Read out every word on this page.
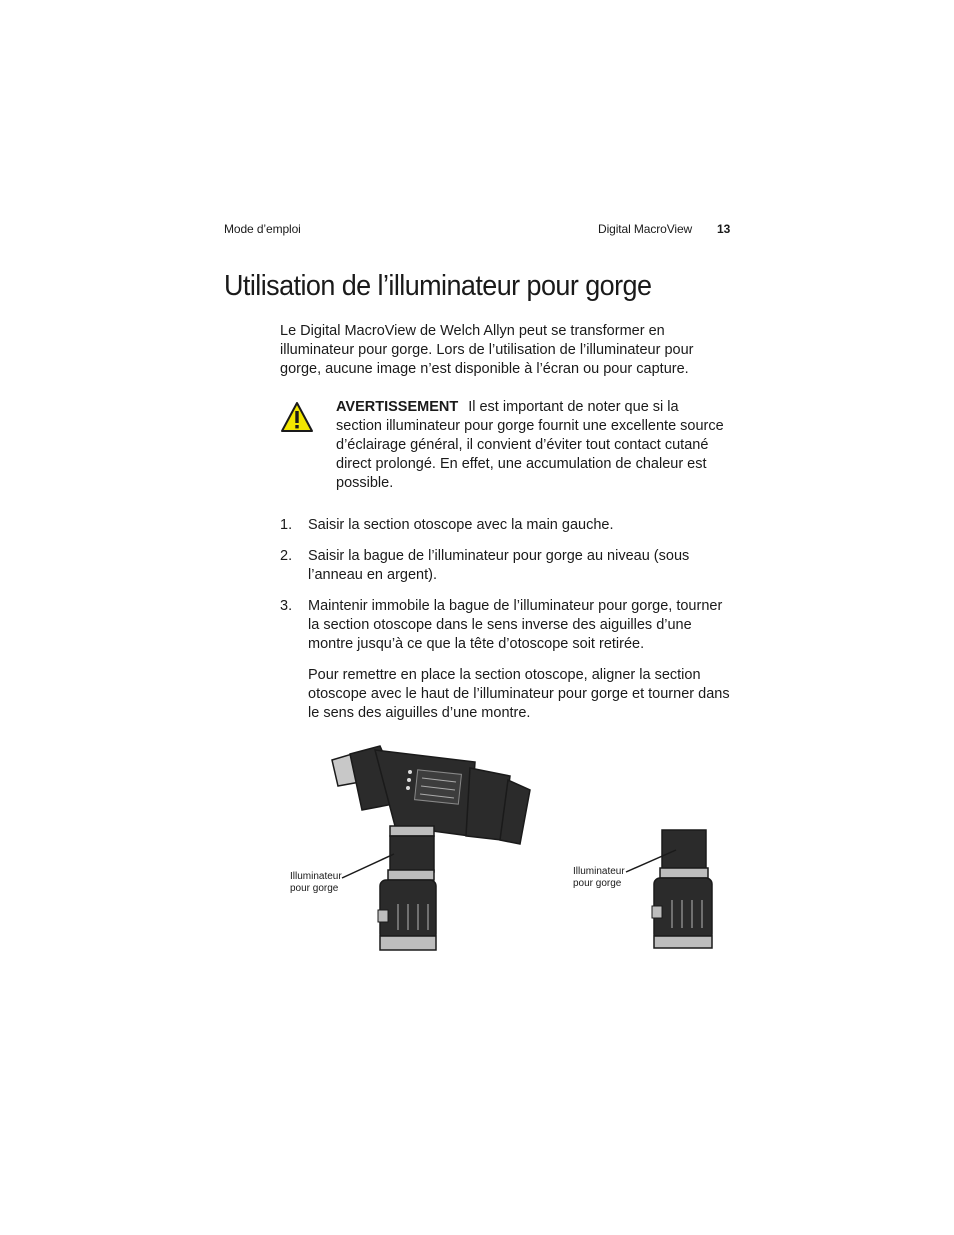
Mode d’emploi	Digital MacroView 13
Utilisation de l’illuminateur pour gorge
Le Digital MacroView de Welch Allyn peut se transformer en illuminateur pour gorge. Lors de l’utilisation de l’illuminateur pour gorge, aucune image n’est disponible à l’écran ou pour capture.
AVERTISSEMENT Il est important de noter que si la section illuminateur pour gorge fournit une excellente source d’éclairage général, il convient d’éviter tout contact cutané direct prolongé. En effet, une accumulation de chaleur est possible.
1. Saisir la section otoscope avec la main gauche.
2. Saisir la bague de l’illuminateur pour gorge au niveau (sous l’anneau en argent).
3. Maintenir immobile la bague de l’illuminateur pour gorge, tourner la section otoscope dans le sens inverse des aiguilles d’une montre jusqu’à ce que la tête d’otoscope soit retirée.
Pour remettre en place la section otoscope, aligner la section otoscope avec le haut de l’illuminateur pour gorge et tourner dans le sens des aiguilles d’une montre.
Illuminateur pour gorge
Illuminateur pour gorge
